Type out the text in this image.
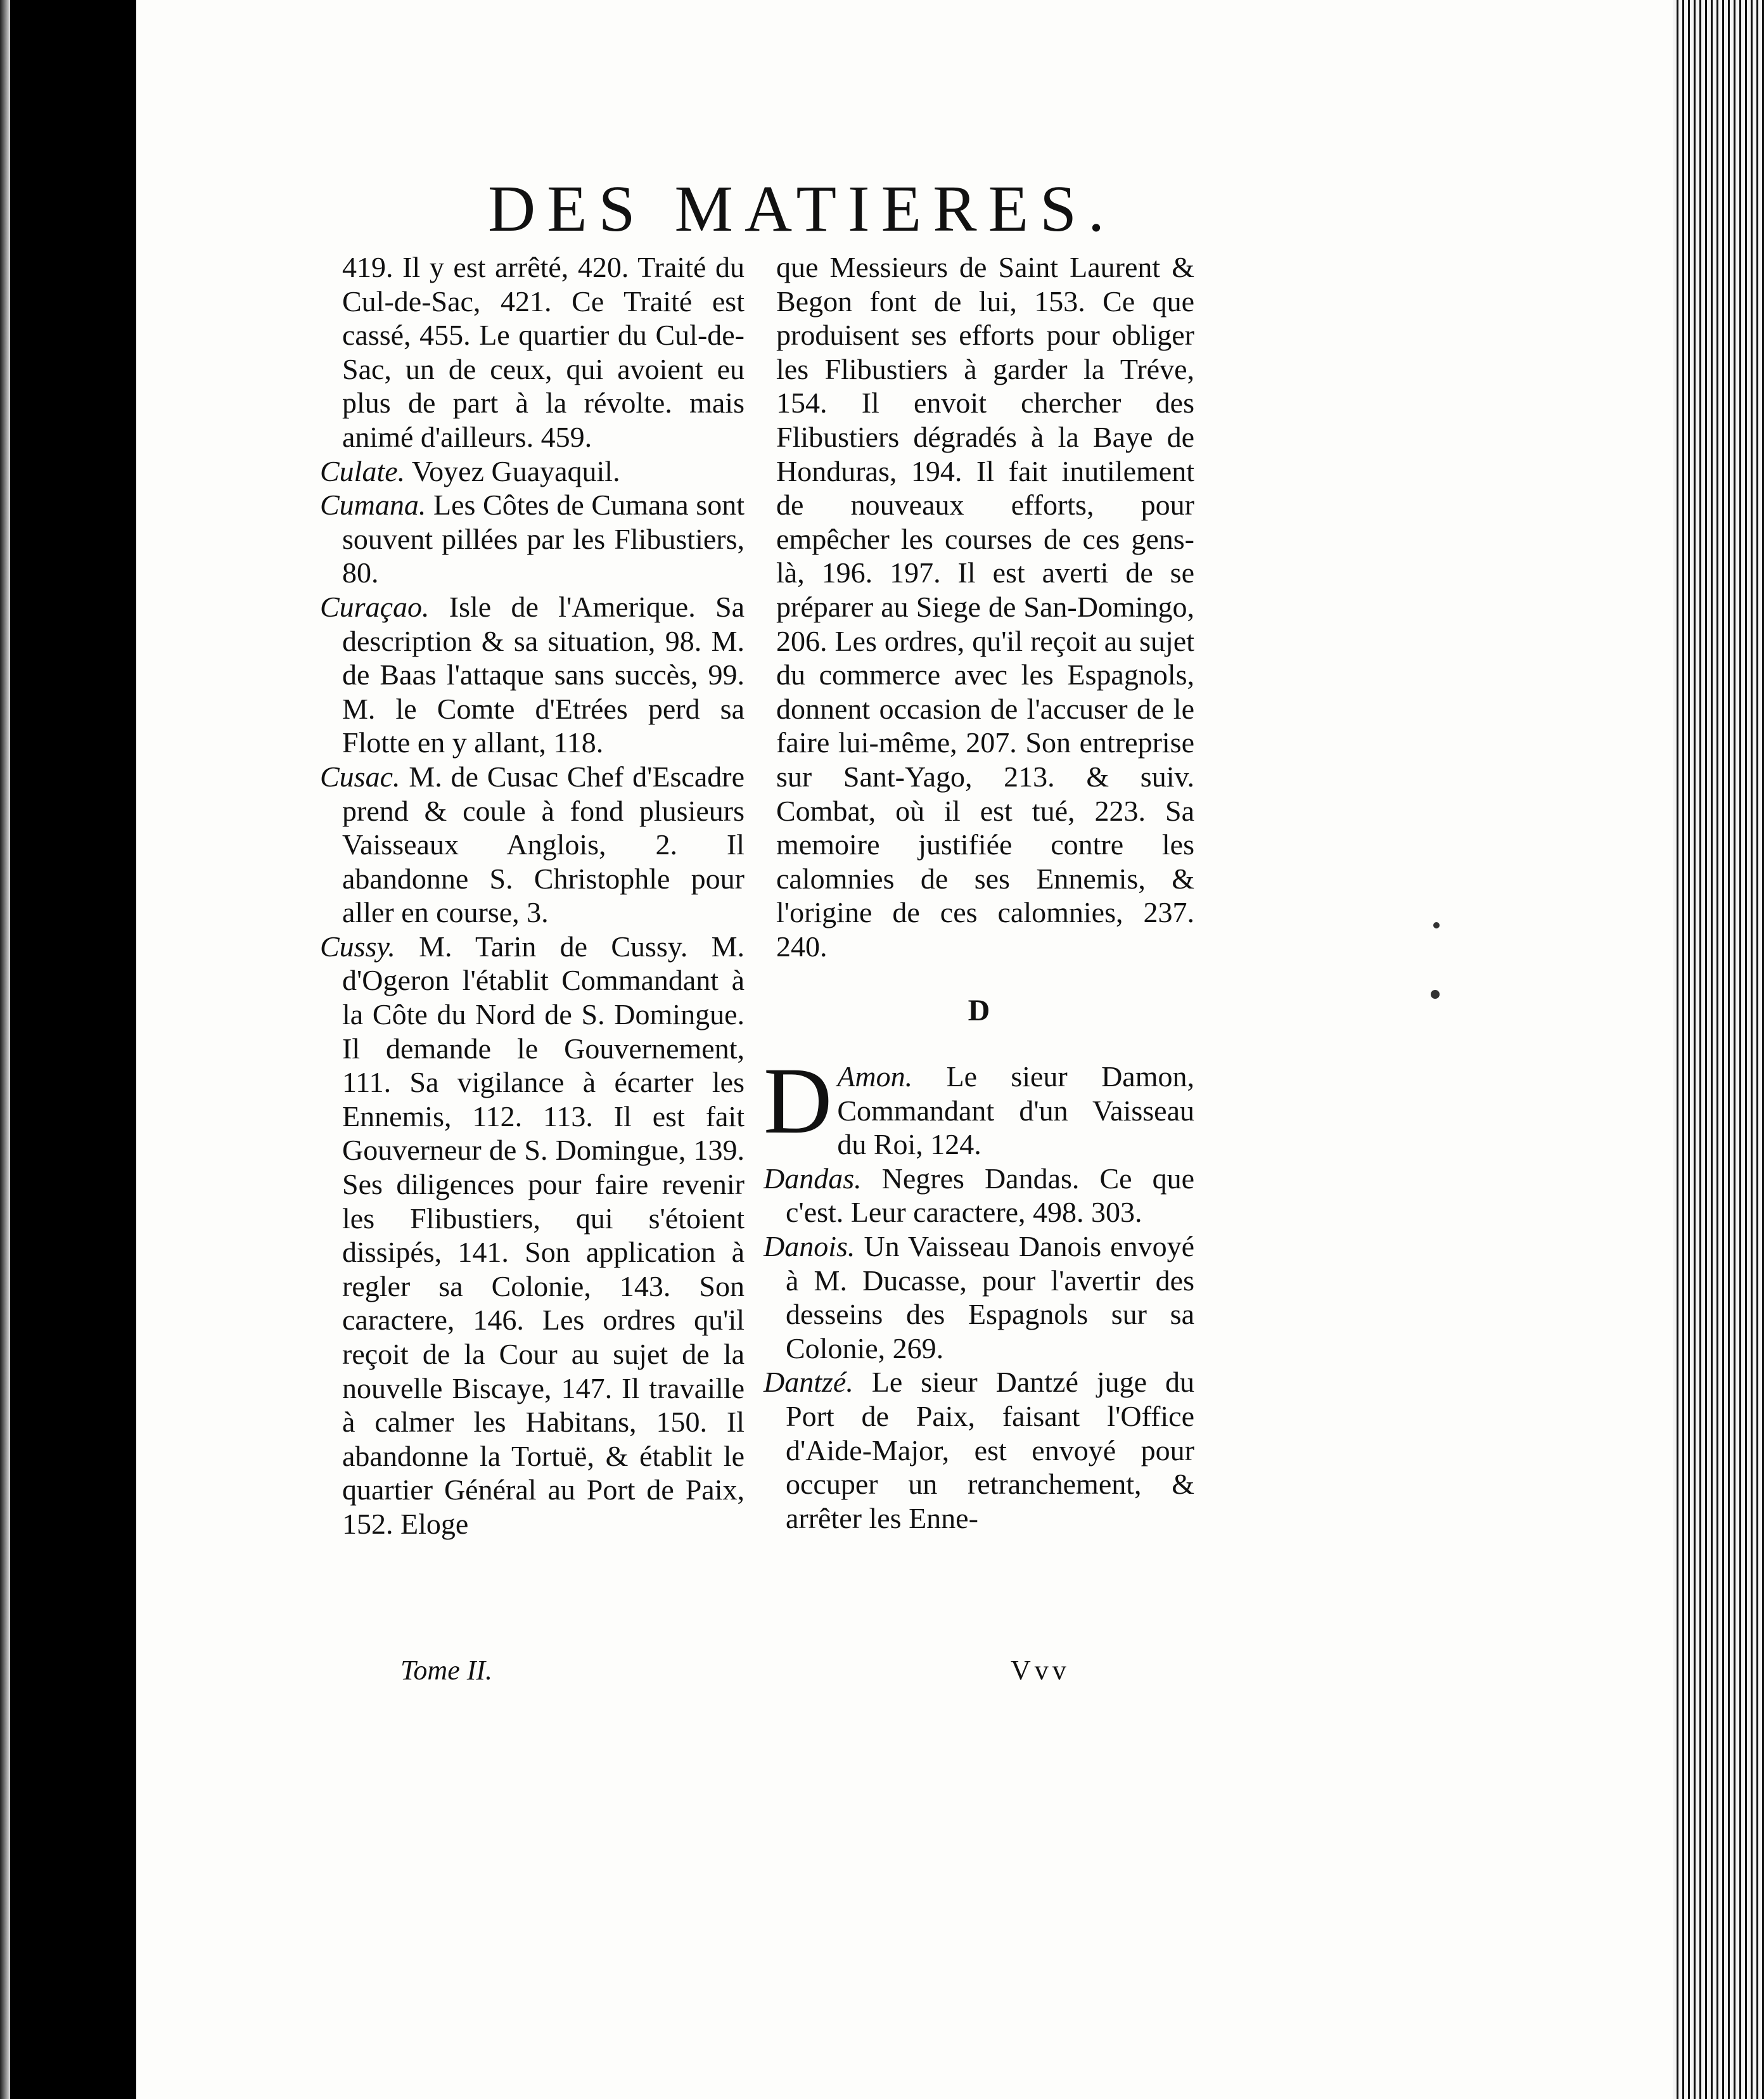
DES MATIERES.

419. Il y est arrêté, 420. Traité du Cul-de-Sac, 421. Ce Traité est cassé, 455. Le quartier du Cul-de-Sac, un de ceux, qui avoient eu plus de part à la révolte. mais animé d'ailleurs. 459.

Culate. Voyez Guayaquil.

Cumana. Les Côtes de Cumana sont souvent pillées par les Flibustiers, 80.

Curaçao. Isle de l'Amerique. Sa description & sa situation, 98. M. de Baas l'attaque sans succès, 99. M. le Comte d'Etrées perd sa Flotte en y allant, 118.

Cusac. M. de Cusac Chef d'Escadre prend & coule à fond plusieurs Vaisseaux Anglois, 2. Il abandonne S. Christophle pour aller en course, 3.

Cussy. M. Tarin de Cussy. M. d'Ogeron l'établit Commandant à la Côte du Nord de S. Domingue. Il demande le Gouvernement, 111. Sa vigilance à écarter les Ennemis, 112. 113. Il est fait Gouverneur de S. Domingue, 139. Ses diligences pour faire revenir les Flibustiers, qui s'étoient dissipés, 141. Son application à regler sa Colonie, 143. Son caractere, 146. Les ordres qu'il reçoit de la Cour au sujet de la nouvelle Biscaye, 147. Il travaille à calmer les Habitans, 150. Il abandonne la Tortuë, & établit le quartier Général au Port de Paix, 152. Eloge

que Messieurs de Saint Laurent & Begon font de lui, 153. Ce que produisent ses efforts pour obliger les Flibustiers à garder la Tréve, 154. Il envoit chercher des Flibustiers dégradés à la Baye de Honduras, 194. Il fait inutilement de nouveaux efforts, pour empêcher les courses de ces gens-là, 196. 197. Il est averti de se préparer au Siege de San-Domingo, 206. Les ordres, qu'il reçoit au sujet du commerce avec les Espagnols, donnent occasion de l'accuser de le faire lui-même, 207. Son entreprise sur Sant-Yago, 213. & suiv. Combat, où il est tué, 223. Sa memoire justifiée contre les calomnies de ses Ennemis, & l'origine de ces calomnies, 237. 240.

D

D Amon. Le sieur Damon, Commandant d'un Vaisseau du Roi, 124.

Dandas. Negres Dandas. Ce que c'est. Leur caractere, 498. 303.

Danois. Un Vaisseau Danois envoyé à M. Ducasse, pour l'avertir des desseins des Espagnols sur sa Colonie, 269.

Dantzé. Le sieur Dantzé juge du Port de Paix, faisant l'Office d'Aide-Major, est envoyé pour occuper un retranchement, & arrêter les Enne-

Tome II.	Vvv
